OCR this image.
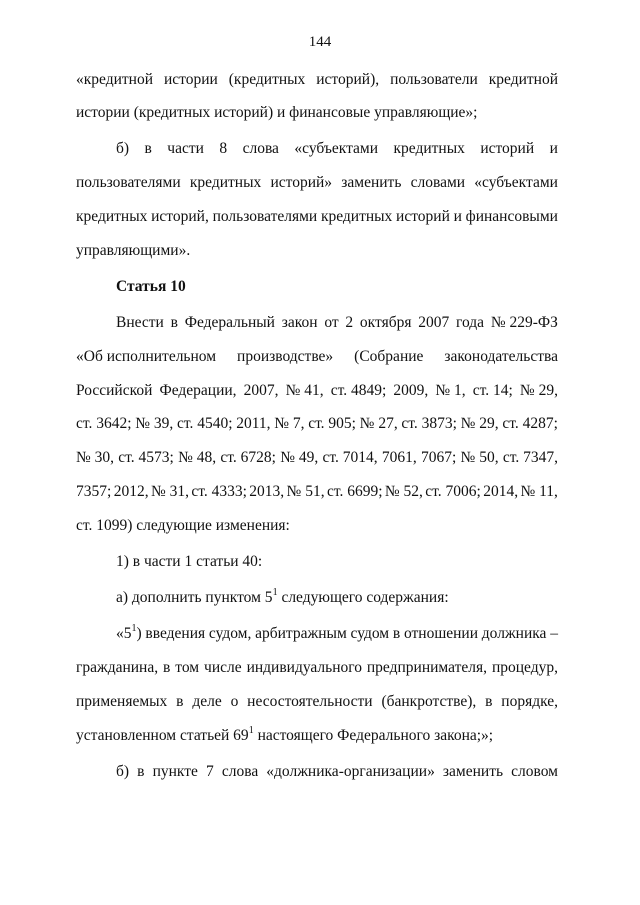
144
«кредитной истории (кредитных историй), пользователи кредитной
истории (кредитных историй) и финансовые управляющие»;
б) в части 8 слова «субъектами кредитных историй и
пользователями кредитных историй» заменить словами «субъектами
кредитных историй, пользователями кредитных историй и финансовыми
управляющими».
Статья 10
Внести в Федеральный закон от 2 октября 2007 года № 229-ФЗ
«Об исполнительном производстве» (Собрание законодательства
Российской Федерации, 2007, № 41, ст. 4849; 2009, № 1, ст. 14; № 29,
ст. 3642; № 39, ст. 4540; 2011, № 7, ст. 905; № 27, ст. 3873; № 29, ст. 4287;
№ 30, ст. 4573; № 48, ст. 6728; № 49, ст. 7014, 7061, 7067; № 50, ст. 7347,
7357; 2012, № 31, ст. 4333; 2013, № 51, ст. 6699; № 52, ст. 7006; 2014, № 11,
ст. 1099) следующие изменения:
1) в части 1 статьи 40:
а) дополнить пунктом $5^1$ следующего содержания:
«$5^1$) введения судом, арбитражным судом в отношении должника –
гражданина, в том числе индивидуального предпринимателя, процедур,
применяемых в деле о несостоятельности (банкротстве), в порядке,
установленном статьей $69^1$ настоящего Федерального закона;»;
б) в пункте 7 слова «должника-организации» заменить словом
